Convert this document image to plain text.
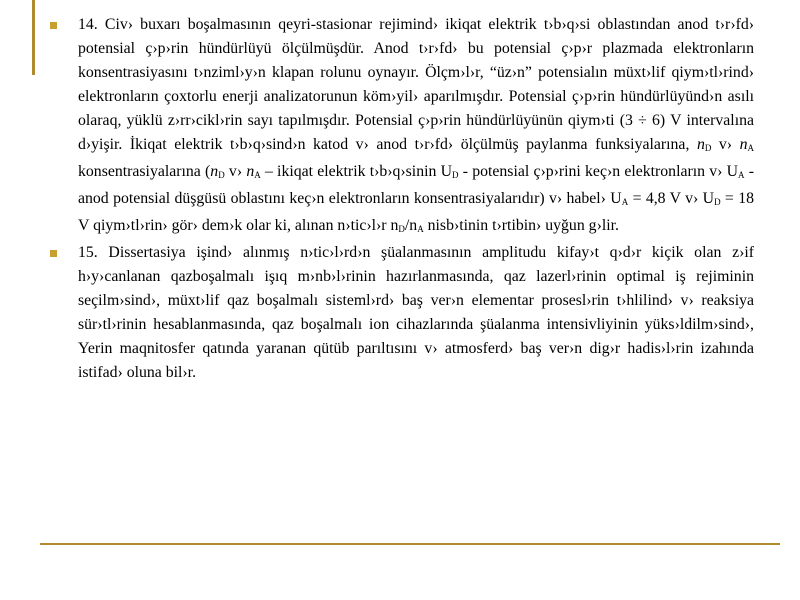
14. Civ› buxarı boşalmasının qeyri-stasionar rejimind› ikiqat elektrik t›b›q›si oblastından anod t›r›fd› potensial ç›p›rin hündürlüyü ölçülmüşdür. Anod t›r›fd› bu potensial ç›p›r plazmada elektronların konsentrasiyasını t›nziml›y›n klapan rolunu oynayır. Ölçm›l›r, “üz›n” potensialın müxt›lif qiym›tl›rind› elektronların çoxtorlu enerji analizatorunun köm›yil› aparılmışdır. Potensial ç›p›rin hündürlüyünd›n asılı olaraq, yüklü z›rr›cikl›rin sayı tapılmışdır. Potensial ç›p›rin hündürlüyünün qiym›ti (3 ÷ 6) V intervalına d›yişir. İkiqat elektrik t›b›q›sind›n katod v› anod t›r›fd› ölçülmüş paylanma funksiyalarına, $n_D$ v› $n_A$ konsentrasiyalarına ($n_D$ v› $n_A$ – ikiqat elektrik t›b›q›sinin $U_D$ - potensial ç›p›rini keç›n elektronların v› $U_A$ - anod potensial düşgüsü oblastını keç›n elektronların konsentrasiyalarıdır) v› habel› $U_A = 4,8$ V v› $U_D = 18$ V qiym›tl›rin› gör› dem›k olar ki, alınan n›tic›l›r $n_D/n_A$ nisb›tinin t›rtibin› uyğun g›lir.

15. Dissertasiya işind› alınmış n›tic›l›rd›n şüalanmasının amplitudu kifay›t q›d›r kiçik olan z›if h›y›canlanan qazboşalmalı işıq m›nb›l›rinin hazırlanmasında, qaz lazerl›rinin optimal iş rejiminin seçilm›sind›, müxt›lif qaz boşalmalı sisteml›rd› baş ver›n elementar prosesl›rin t›hlilind› v› reaksiya sür›tl›rinin hesablanmasında, qaz boşalmalı ion cihazlarında şüalanma intensivliyinin yüks›ldilm›sind›, Yerin maqnitosfer qatında yaranan qütüb parıltısını v› atmosferd› baş ver›n dig›r hadis›l›rin izahında istifad› oluna bil›r.
